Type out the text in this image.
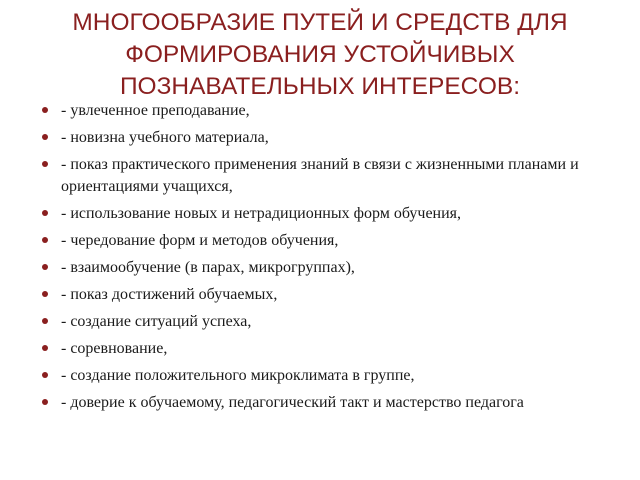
МНОГООБРАЗИЕ ПУТЕЙ И СРЕДСТВ ДЛЯ
ФОРМИРОВАНИЯ УСТОЙЧИВЫХ
ПОЗНАВАТЕЛЬНЫХ ИНТЕРЕСОВ:
- увлеченное преподавание,
- новизна учебного материала,
- показ практического применения знаний в связи с жизненными планами и ориентациями учащихся,
- использование новых и нетрадиционных форм обучения,
- чередование форм и методов обучения,
- взаимообучение (в парах, микрогруппах),
- показ достижений обучаемых,
- создание ситуаций успеха,
- соревнование,
- создание положительного микроклимата в группе,
- доверие к обучаемому, педагогический такт и мастерство педагога
